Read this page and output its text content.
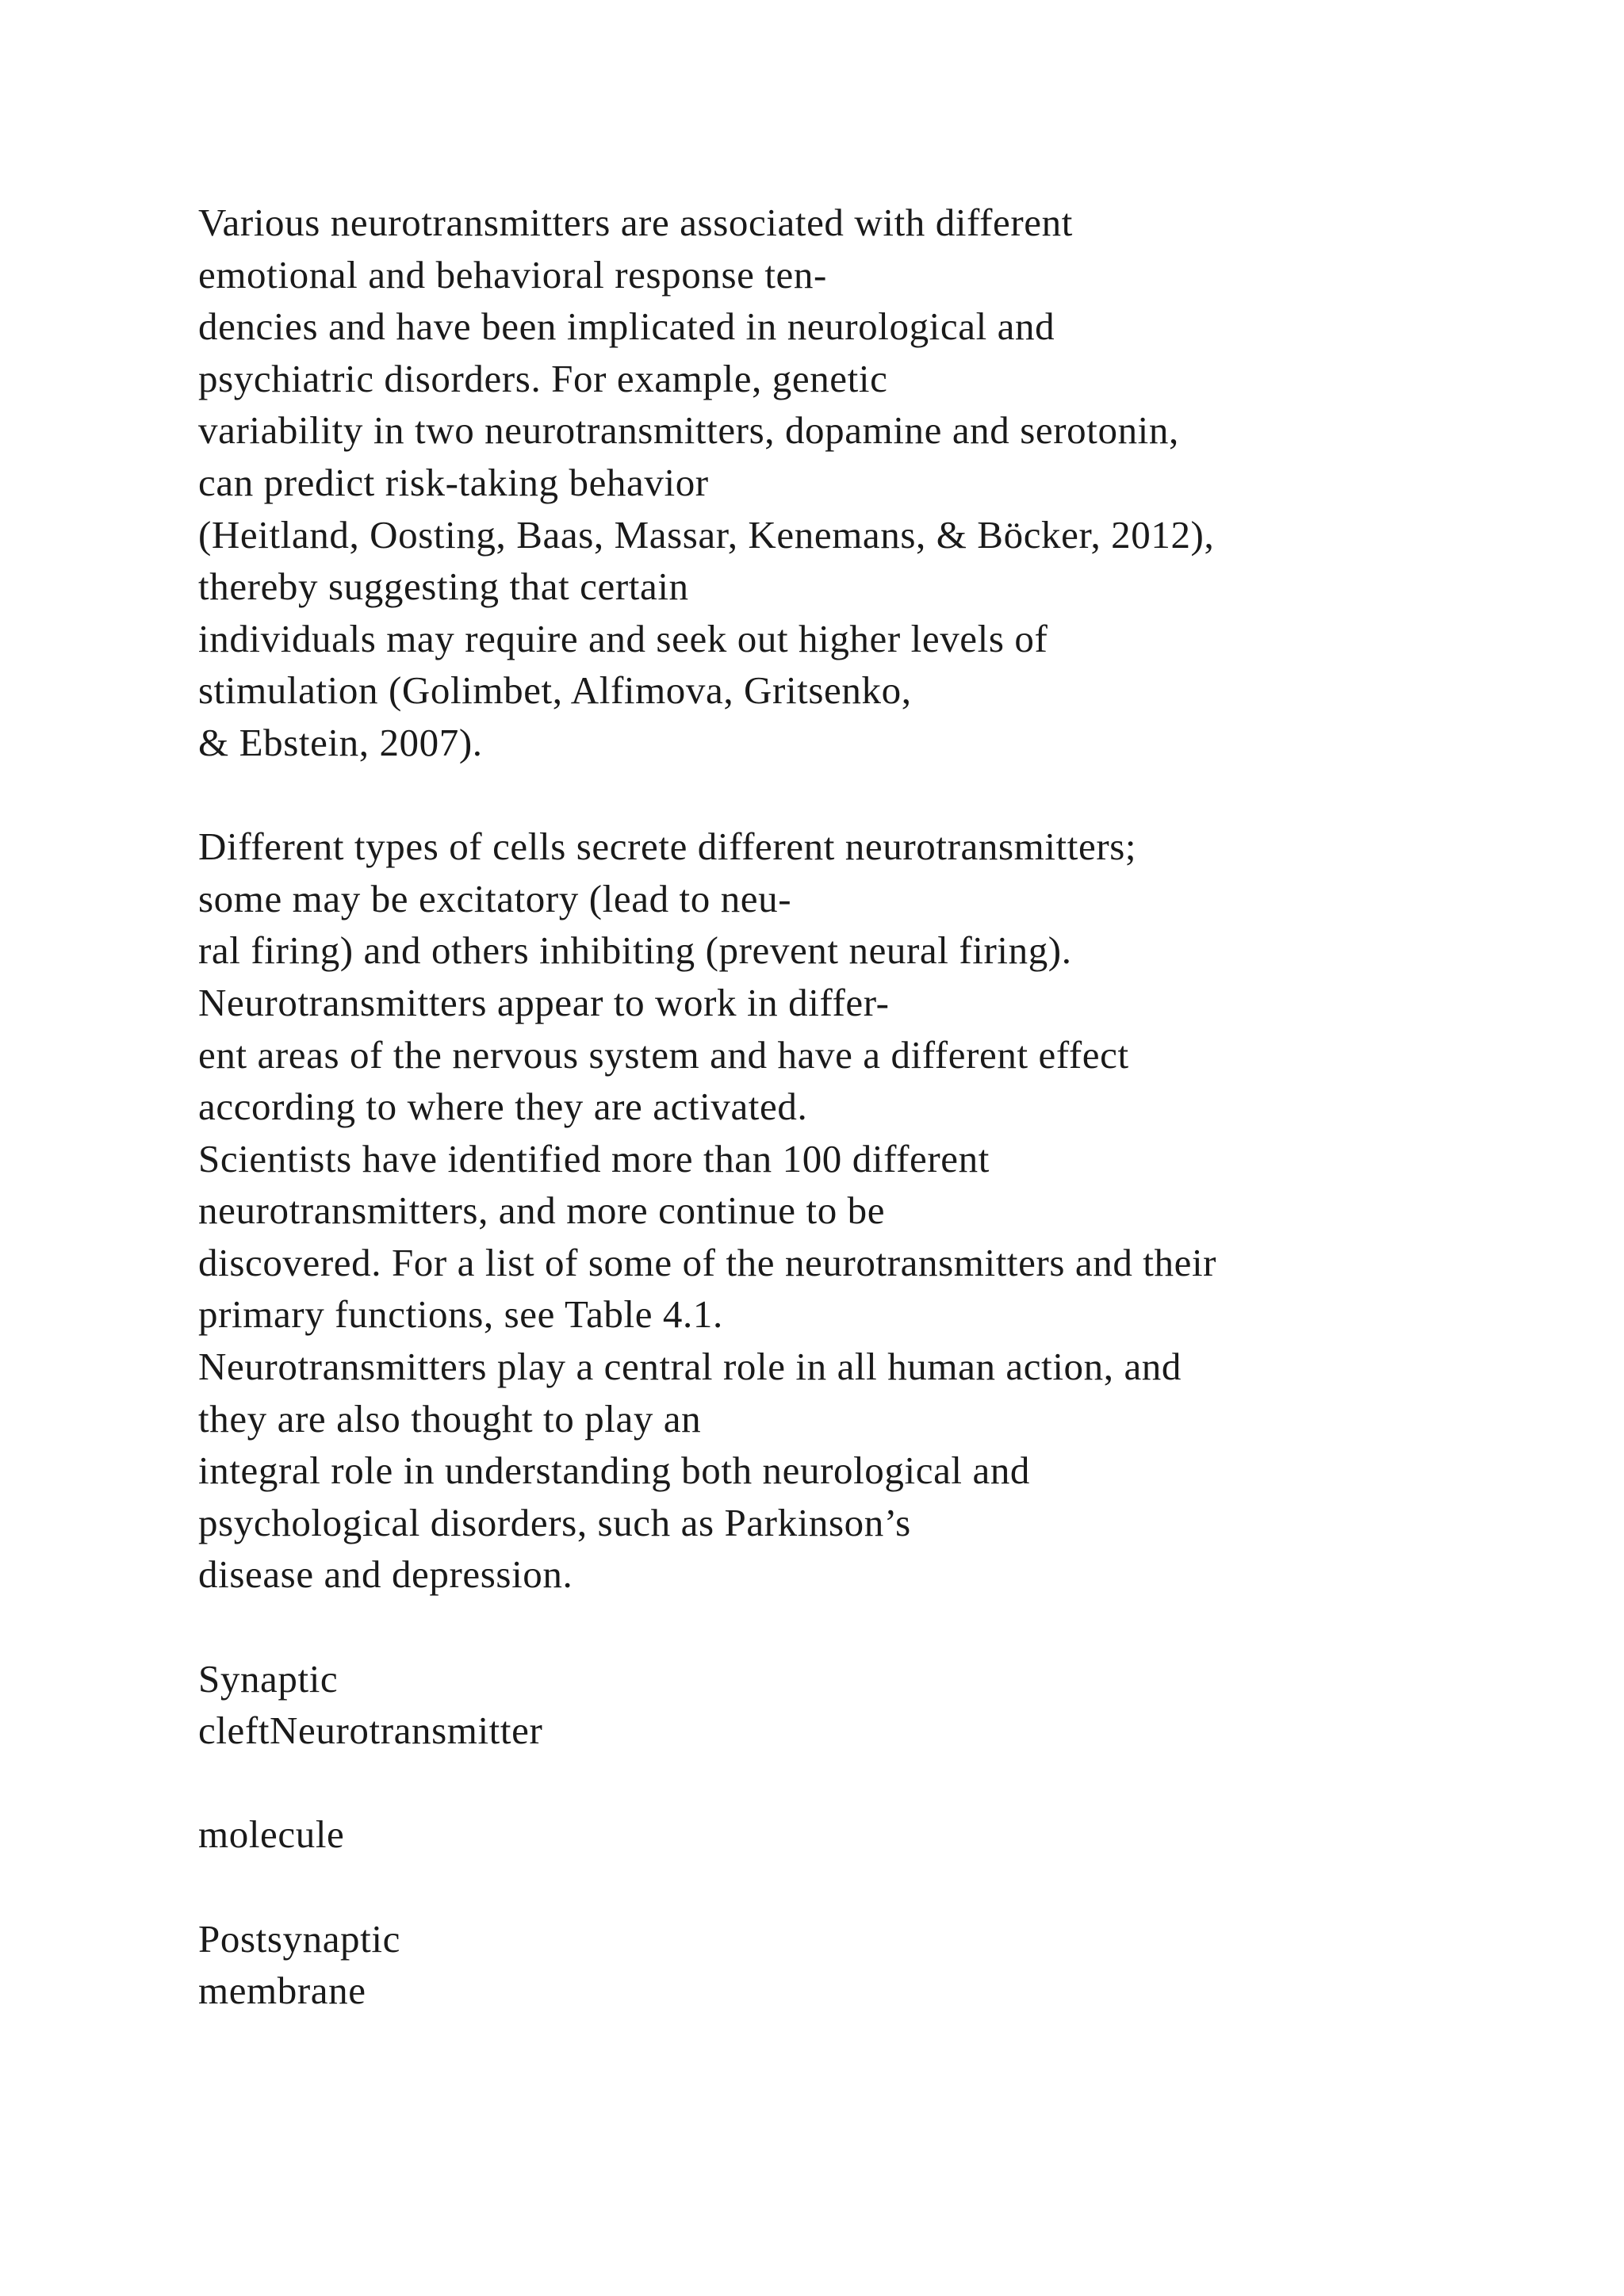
Various neurotransmitters are associated with different
emotional and behavioral response ten-
dencies and have been implicated in neurological and
psychiatric disorders. For example, genetic
variability in two neurotransmitters, dopamine and serotonin,
can predict risk-taking behavior
(Heitland, Oosting, Baas, Massar, Kenemans, & Böcker, 2012),
thereby suggesting that certain
individuals may require and seek out higher levels of
stimulation (Golimbet, Alfimova, Gritsenko,
& Ebstein, 2007).
Different types of cells secrete different neurotransmitters;
some may be excitatory (lead to neu-
ral firing) and others inhibiting (prevent neural firing).
Neurotransmitters appear to work in differ-
ent areas of the nervous system and have a different effect
according to where they are activated.
Scientists have identified more than 100 different
neurotransmitters, and more continue to be
discovered. For a list of some of the neurotransmitters and their
primary functions, see Table 4.1.
Neurotransmitters play a central role in all human action, and
they are also thought to play an
integral role in understanding both neurological and
psychological disorders, such as Parkinson’s
disease and depression.
Synaptic
cleftNeurotransmitter
molecule
Postsynaptic
membrane
